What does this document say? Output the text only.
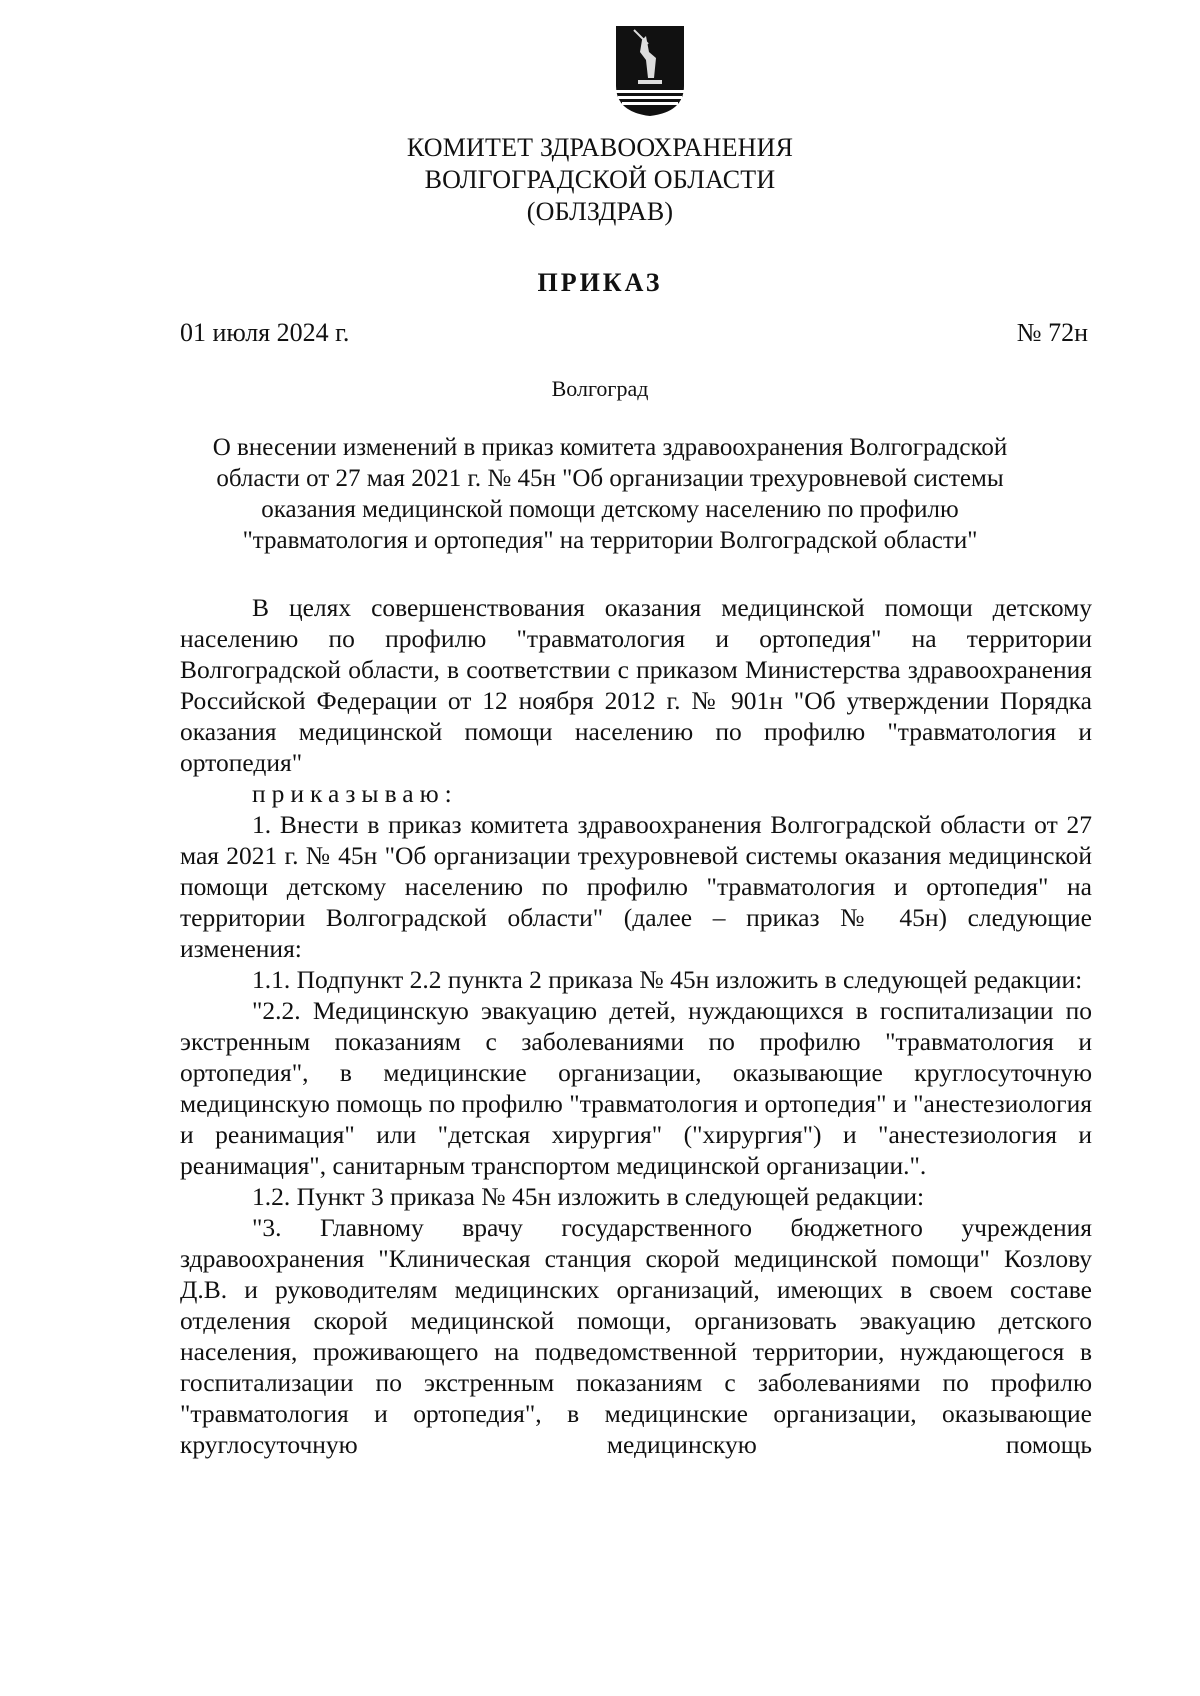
КОМИТЕТ ЗДРАВООХРАНЕНИЯ
ВОЛГОГРАДСКОЙ ОБЛАСТИ
(ОБЛЗДРАВ)
ПРИКАЗ
01 июля 2024 г.	№ 72н
Волгоград
О внесении изменений в приказ комитета здравоохранения Волгоградской
области от 27 мая 2021 г. № 45н "Об организации трехуровневой системы
оказания медицинской помощи детскому населению по профилю
"травматология и ортопедия" на территории Волгоградской области"

В целях совершенствования оказания медицинской помощи детскому населению по профилю "травматология и ортопедия" на территории Волгоградской области, в соответствии с приказом Министерства здравоохранения Российской Федерации от 12 ноября 2012 г. № 901н "Об утверждении Порядка оказания медицинской помощи населению по профилю "травматология и ортопедия"

приказываю:

1. Внести в приказ комитета здравоохранения Волгоградской области от 27 мая 2021 г. № 45н "Об организации трехуровневой системы оказания медицинской помощи детскому населению по профилю "травматология и ортопедия" на территории Волгоградской области" (далее – приказ № 45н) следующие изменения:

1.1. Подпункт 2.2 пункта 2 приказа № 45н изложить в следующей редакции:

"2.2. Медицинскую эвакуацию детей, нуждающихся в госпитализации по экстренным показаниям с заболеваниями по профилю "травматология и ортопедия", в медицинские организации, оказывающие круглосуточную медицинскую помощь по профилю "травматология и ортопедия" и "анестезиология и реанимация" или "детская хирургия" ("хирургия") и "анестезиология и реанимация", санитарным транспортом медицинской организации.".

1.2. Пункт 3 приказа № 45н изложить в следующей редакции:

"3. Главному врачу государственного бюджетного учреждения здравоохранения "Клиническая станция скорой медицинской помощи" Козлову Д.В. и руководителям медицинских организаций, имеющих в своем составе отделения скорой медицинской помощи, организовать эвакуацию детского населения, проживающего на подведомственной территории, нуждающегося в госпитализации по экстренным показаниям с заболеваниями по профилю "травматология и ортопедия", в медицинские организации, оказывающие круглосуточную медицинскую помощь
